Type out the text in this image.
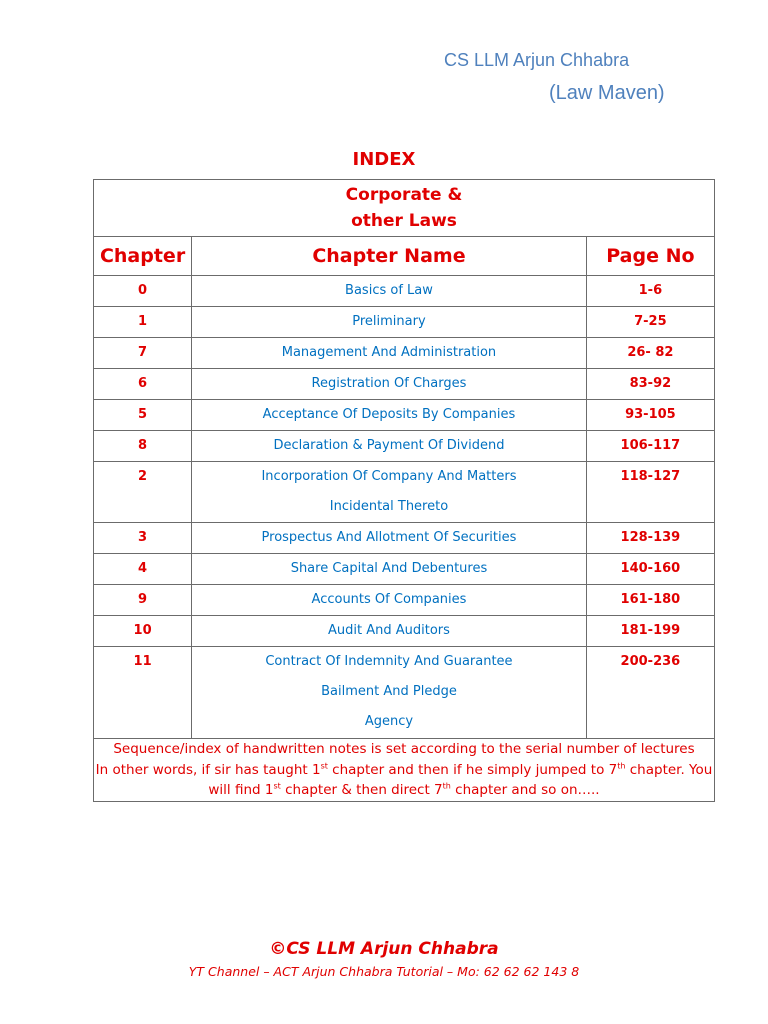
CS LLM Arjun Chhabra
(Law Maven)
INDEX
Corporate &
other Laws		

Chapter	Chapter Name	Page No
0	Basics of Law	1-6
1	Preliminary	7-25
7	Management And Administration	26- 82
6	Registration Of Charges	83-92
5	Acceptance Of Deposits By Companies	93-105
8	Declaration & Payment Of Dividend	106-117
2	Incorporation Of Company And Matters
Incidental Thereto	118-127
3	Prospectus And Allotment Of Securities	128-139
4	Share Capital And Debentures	140-160
9	Accounts Of Companies	161-180
10	Audit And Auditors	181-199
11	Contract Of Indemnity And Guarantee
Bailment And Pledge
Agency	200-236

Sequence/index of handwritten notes is set according to the serial number of lectures
In other words, if sir has taught 1st chapter and then if he simply jumped to 7th chapter. You will find 1st chapter & then direct 7th chapter and so on…..		
©CS LLM Arjun Chhabra
YT Channel – ACT Arjun Chhabra Tutorial – Mo: 62 62 62 143 8
